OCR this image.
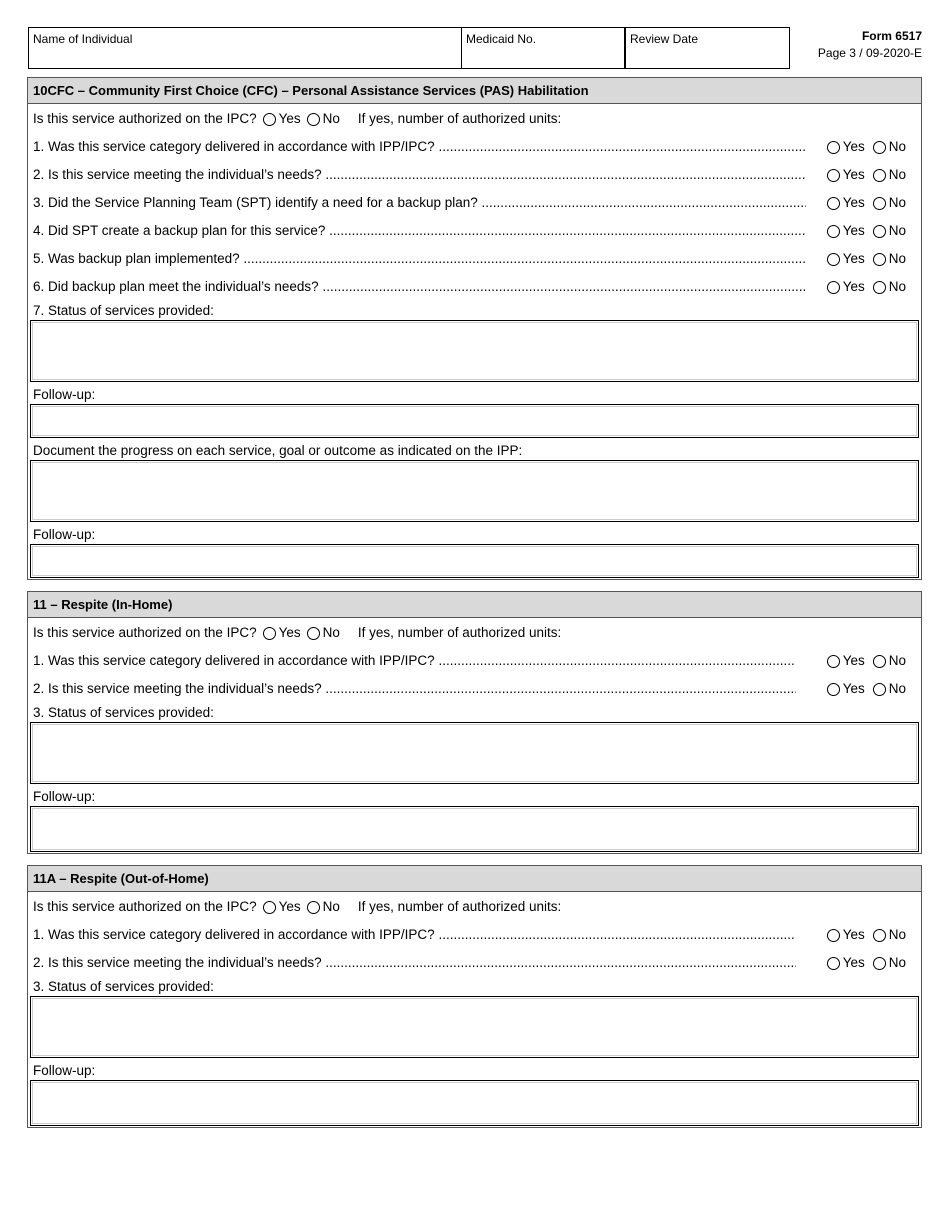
Name of Individual	Medicaid No.	Review Date	Form 6517
Page 3 / 09-2020-E
10CFC – Community First Choice (CFC) – Personal Assistance Services (PAS) Habilitation
Is this service authorized on the IPC? Yes No If yes, number of authorized units:
1. Was this service category delivered in accordance with IPP/IPC? .....	Yes No
2. Is this service meeting the individual’s needs? .....	Yes No
3. Did the Service Planning Team (SPT) identify a need for a backup plan? .....	Yes No
4. Did SPT create a backup plan for this service? .....	Yes No
5. Was backup plan implemented? .....	Yes No
6. Did backup plan meet the individual’s needs? .....	Yes No
7. Status of services provided:
Follow-up:
Document the progress on each service, goal or outcome as indicated on the IPP:
Follow-up:
11 – Respite (In-Home)
Is this service authorized on the IPC? Yes No If yes, number of authorized units:
1. Was this service category delivered in accordance with IPP/IPC? .....	Yes No
2. Is this service meeting the individual’s needs? .....	Yes No
3. Status of services provided:
Follow-up:
11A – Respite (Out-of-Home)
Is this service authorized on the IPC? Yes No If yes, number of authorized units:
1. Was this service category delivered in accordance with IPP/IPC? .....	Yes No
2. Is this service meeting the individual’s needs? .....	Yes No
3. Status of services provided:
Follow-up:
